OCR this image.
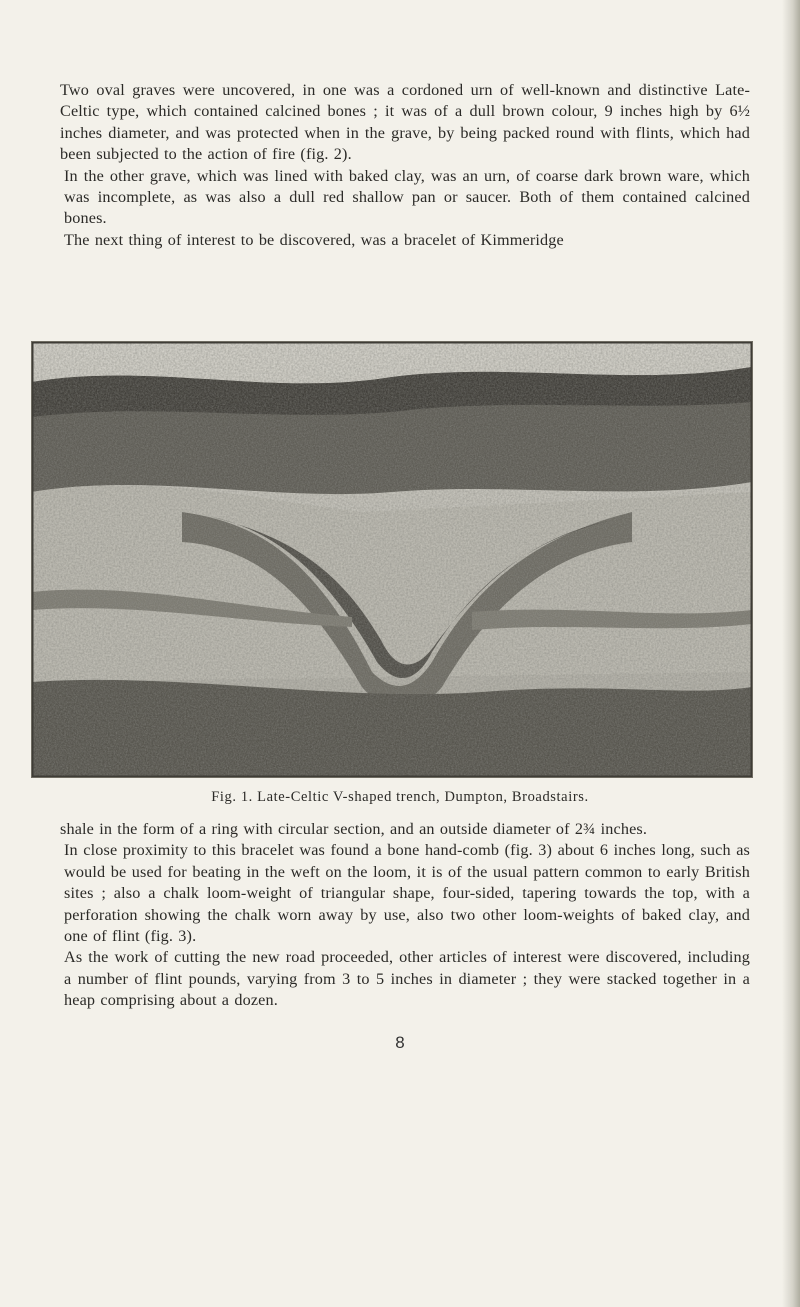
Two oval graves were uncovered, in one was a cordoned urn of well-known and distinctive Late-Celtic type, which contained calcined bones ; it was of a dull brown colour, 9 inches high by 6½ inches diameter, and was protected when in the grave, by being packed round with flints, which had been subjected to the action of fire (fig. 2).

In the other grave, which was lined with baked clay, was an urn, of coarse dark brown ware, which was incomplete, as was also a dull red shallow pan or saucer. Both of them contained calcined bones.

The next thing of interest to be discovered, was a bracelet of Kimmeridge

Fig. 1. Late-Celtic V-shaped trench, Dumpton, Broadstairs.

shale in the form of a ring with circular section, and an outside diameter of 2¾ inches.

In close proximity to this bracelet was found a bone hand-comb (fig. 3) about 6 inches long, such as would be used for beating in the weft on the loom, it is of the usual pattern common to early British sites ; also a chalk loom-weight of triangular shape, four-sided, tapering towards the top, with a perforation showing the chalk worn away by use, also two other loom-weights of baked clay, and one of flint (fig. 3).

As the work of cutting the new road proceeded, other articles of interest were discovered, including a number of flint pounds, varying from 3 to 5 inches in diameter ; they were stacked together in a heap comprising about a dozen.

8
